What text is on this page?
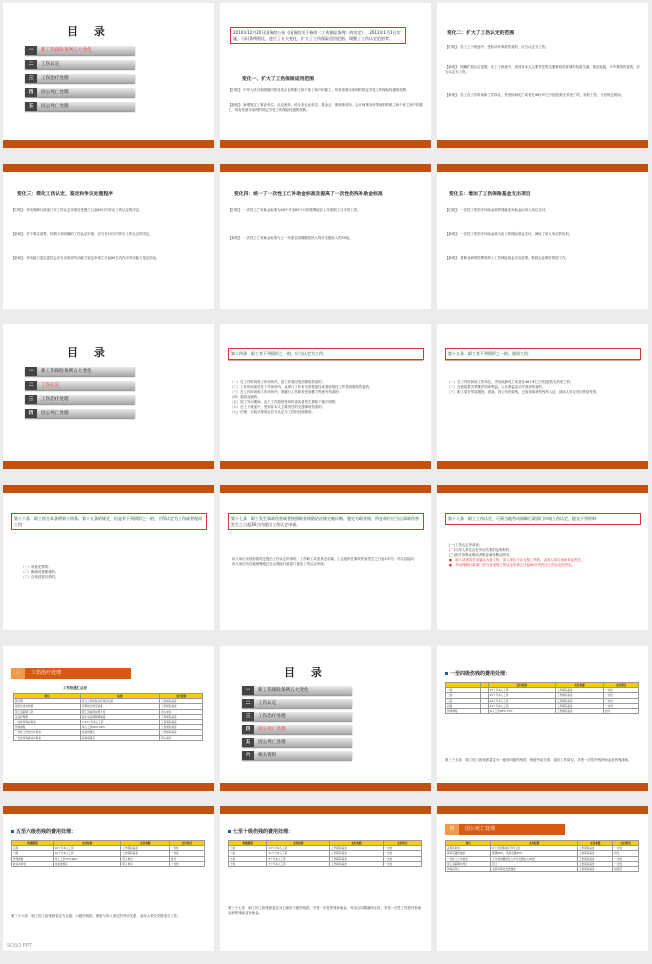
目 录
一	新工伤保险条例五大变化
二	工伤认定
三	工伤治疗处理
四	因公死亡处理
五	因公死亡处理
2010年12月20日国务院公布《国务院关于修改〈工伤保险条例〉的决定》，2011年1月1日实施，与旧条例相比，进行了五大变化，扩大了工伤保险适用范围、调整了工伤认定范围等。
变化一、扩大了工伤保险适用范围
【旧规】：中华人民共和国境内的各类企业的职工和个体工商户的雇工，均有依照本条例的规定享受工伤保险待遇的权利。
【新规】：新增规定了事业单位、社会团体、民办非企业单位、基金会、律师事务所、会计师事务所等组织的职工和个体工商户的雇工，均有依照本条例的规定享受工伤保险待遇的权利。
变化二：扩大了工伤认定的范围
【旧规】：员工上下班途中，受机动车事故伤害的，应当认定为工伤。
【新规】：明确扩展认定范围，在上下班途中，受到非本人主要责任的交通事故或者城市轨道交通、客运轮渡、火车事故伤害的，应当认定为工伤。
【新规】：员工在工作时间和工作岗位，突发疾病死亡或者在48小时之内经抢救无效死亡的，视同工伤，与旧规定相同。
变化三：简化工伤认定、鉴定和争议处理程序
【旧规】：劳动保障行政部门对工伤认定申请在受理之日起60日内作出工伤认定的决定。
【新规】：对于事实清楚、权利义务明确的工伤认定申请，应当在15日内作出工伤认定的决定。
【新规】：劳动能力鉴定委员会应当自收到劳动能力鉴定申请之日起60日内作出劳动能力鉴定结论。
变化四：统一了一次性工亡补助金标准及提高了一次性伤残补助金标准
【旧规】：一次性工亡补助金标准为48个月至60个月的统筹地区上年度职工月平均工资。
【新规】：一次性工亡补助金标准为上一年度全国城镇居民人均可支配收入的20倍。
变化五：增加了工伤保险基金支出项目
【旧规】：一次性工伤医疗补助金和伤残就业补助金由用人单位支付。
【新规】：一次性工伤医疗补助金改为由工伤保险基金支付，减轻了用人单位的负担。
【新规】：将职业病预防费用纳入工伤保险基金支出范围，鼓励企业做好预防工作。
目 录
一	新工伤保险条例五大变化
二	工伤认定
三	工伤治疗处理
四	因公死亡处理
第十四条　职工有下列情形之一的，应当认定为工伤：
（一）在工作时间和工作场所内，因工作原因受到事故伤害的；
（二）工作时间前后在工作场所内，从事与工作有关的预备性或者收尾性工作受到事故伤害的；
（三）在工作时间和工作场所内，因履行工作职责受到暴力等意外伤害的；
（四）患职业病的；
（五）因工外出期间，由于工作原因受到伤害或者发生事故下落不明的；
（六）在上下班途中，受到非本人主要责任的交通事故伤害的；
（七）法律、行政法规规定应当认定为工伤的其他情形。
第十五条　职工有下列情形之一的，视同工伤：
（一）在工作时间和工作岗位，突发疾病死亡或者在48小时之内经抢救无效死亡的；
（二）在抢险救灾等维护国家利益、公共利益活动中受到伤害的；
（三）职工原在军队服役，因战、因公负伤致残，已取得革命伤残军人证，到用人单位后旧伤复发的。
第十六条　职工符合本条例第十四条、第十五条的规定，但是有下列情形之一的，不得认定为工伤或者视同工伤：
（一）故意犯罪的；
（二）醉酒或者吸毒的；
（三）自残或者自杀的。
第十七条　职工发生事故伤害或者按照职业病防治法规定被诊断、鉴定为职业病，所在单位应当自事故伤害发生之日起30日内提出工伤认定申请。
用人单位未按前款规定提出工伤认定申请的，工伤职工或者其近亲属、工会组织在事故伤害发生之日起1年内，可以直接向用人单位所在地统筹地区社会保险行政部门提出工伤认定申请。
第十八条　职工工伤认定，可到当地劳动保障行政部门申请工伤认定，提交下列材料：
(一)工伤认定申请表；
(二)与用人单位存在劳动关系的证明材料；
(三)医疗诊断证明或者职业病诊断证明书。
●　职工或者其近亲属认为是工伤，用人单位不认为是工伤的，由用人单位承担举证责任。
●　劳动保障行政部门应当自受理工伤认定申请之日起60日内作出工伤认定的决定。
三	工伤治疗处理
工伤待遇汇总表
项目	标准	支付渠道
医疗费	符合工伤保险诊疗项目目录	工伤保险基金
住院伙食补助费	统筹地区规定标准	工伤保险基金
停工留薪期工资	原工资福利待遇不变	用人单位
生活护理费	按生活自理障碍等级	工伤保险基金
一次性伤残补助金	7-27个月本人工资	工伤保险基金
伤残津贴	本人工资60%-90%	工伤保险基金
一次性工伤医疗补助金	按省级规定	工伤保险基金
一次性伤残就业补助金	按省级规定	用人单位
目 录
一	新工伤保险条例五大变化
二	工伤认定
三	工伤治疗处理
四	因公死亡处理
五	因公死亡处理
六	相关资料
一至四级伤残的费用处理：
		支付标准	支付来源	支付形式
一级		27个月本人工资	工伤保险基金	一次性
二级		25个月本人工资	工伤保险基金	一次性
三级		23个月本人工资	工伤保险基金	一次性
四级		21个月本人工资	工伤保险基金	一次性
伤残津贴		本人工资90%-75%	工伤保险基金	按月
第三十五条　职工因工致残被鉴定为一级至四级伤残的，保留劳动关系，退出工作岗位，享受一次性伤残补助金及伤残津贴。
五至六级伤残的费用处理：
伤残级别	支付标准	支付来源	支付形式
五级	18个月本人工资	工伤保险基金	一次性
六级	16个月本人工资	工伤保险基金	一次性
伤残津贴	本人工资70%-60%	用人单位	按月
就业补助金	按省级规定	用人单位	一次性
第三十六条　职工因工致残被鉴定为五级、六级伤残的，保留与用人单位的劳动关系，由用人单位安排适当工作。
SOSO PPT
七至十级伤残的费用处理：
伤残级别	支付标准	支付来源	支付形式
七级	13个月本人工资	工伤保险基金	一次性
八级	11个月本人工资	工伤保险基金	一次性
九级	9个月本人工资	工伤保险基金	一次性
十级	7个月本人工资	工伤保险基金	一次性
第三十七条　职工因工致残被鉴定为七级至十级伤残的，享受一次性伤残补助金，劳动合同期满终止时，享受一次性工伤医疗补助金和伤残就业补助金。
四	因公死亡处理
项目	支付标准	支付来源	支付形式
丧葬补助金	6个月统筹地区平均工资	工伤保险基金	一次性
供养亲属抚恤金	配偶40%，其他亲属30%	工伤保险基金	按月
一次性工亡补助金	上年度城镇居民人均可支配收入20倍	工伤保险基金	一次性
停工留薪期内死亡	同上	工伤保险基金	一次性
伤残后死亡	丧葬补助金及抚恤金	工伤保险基金	按规定
